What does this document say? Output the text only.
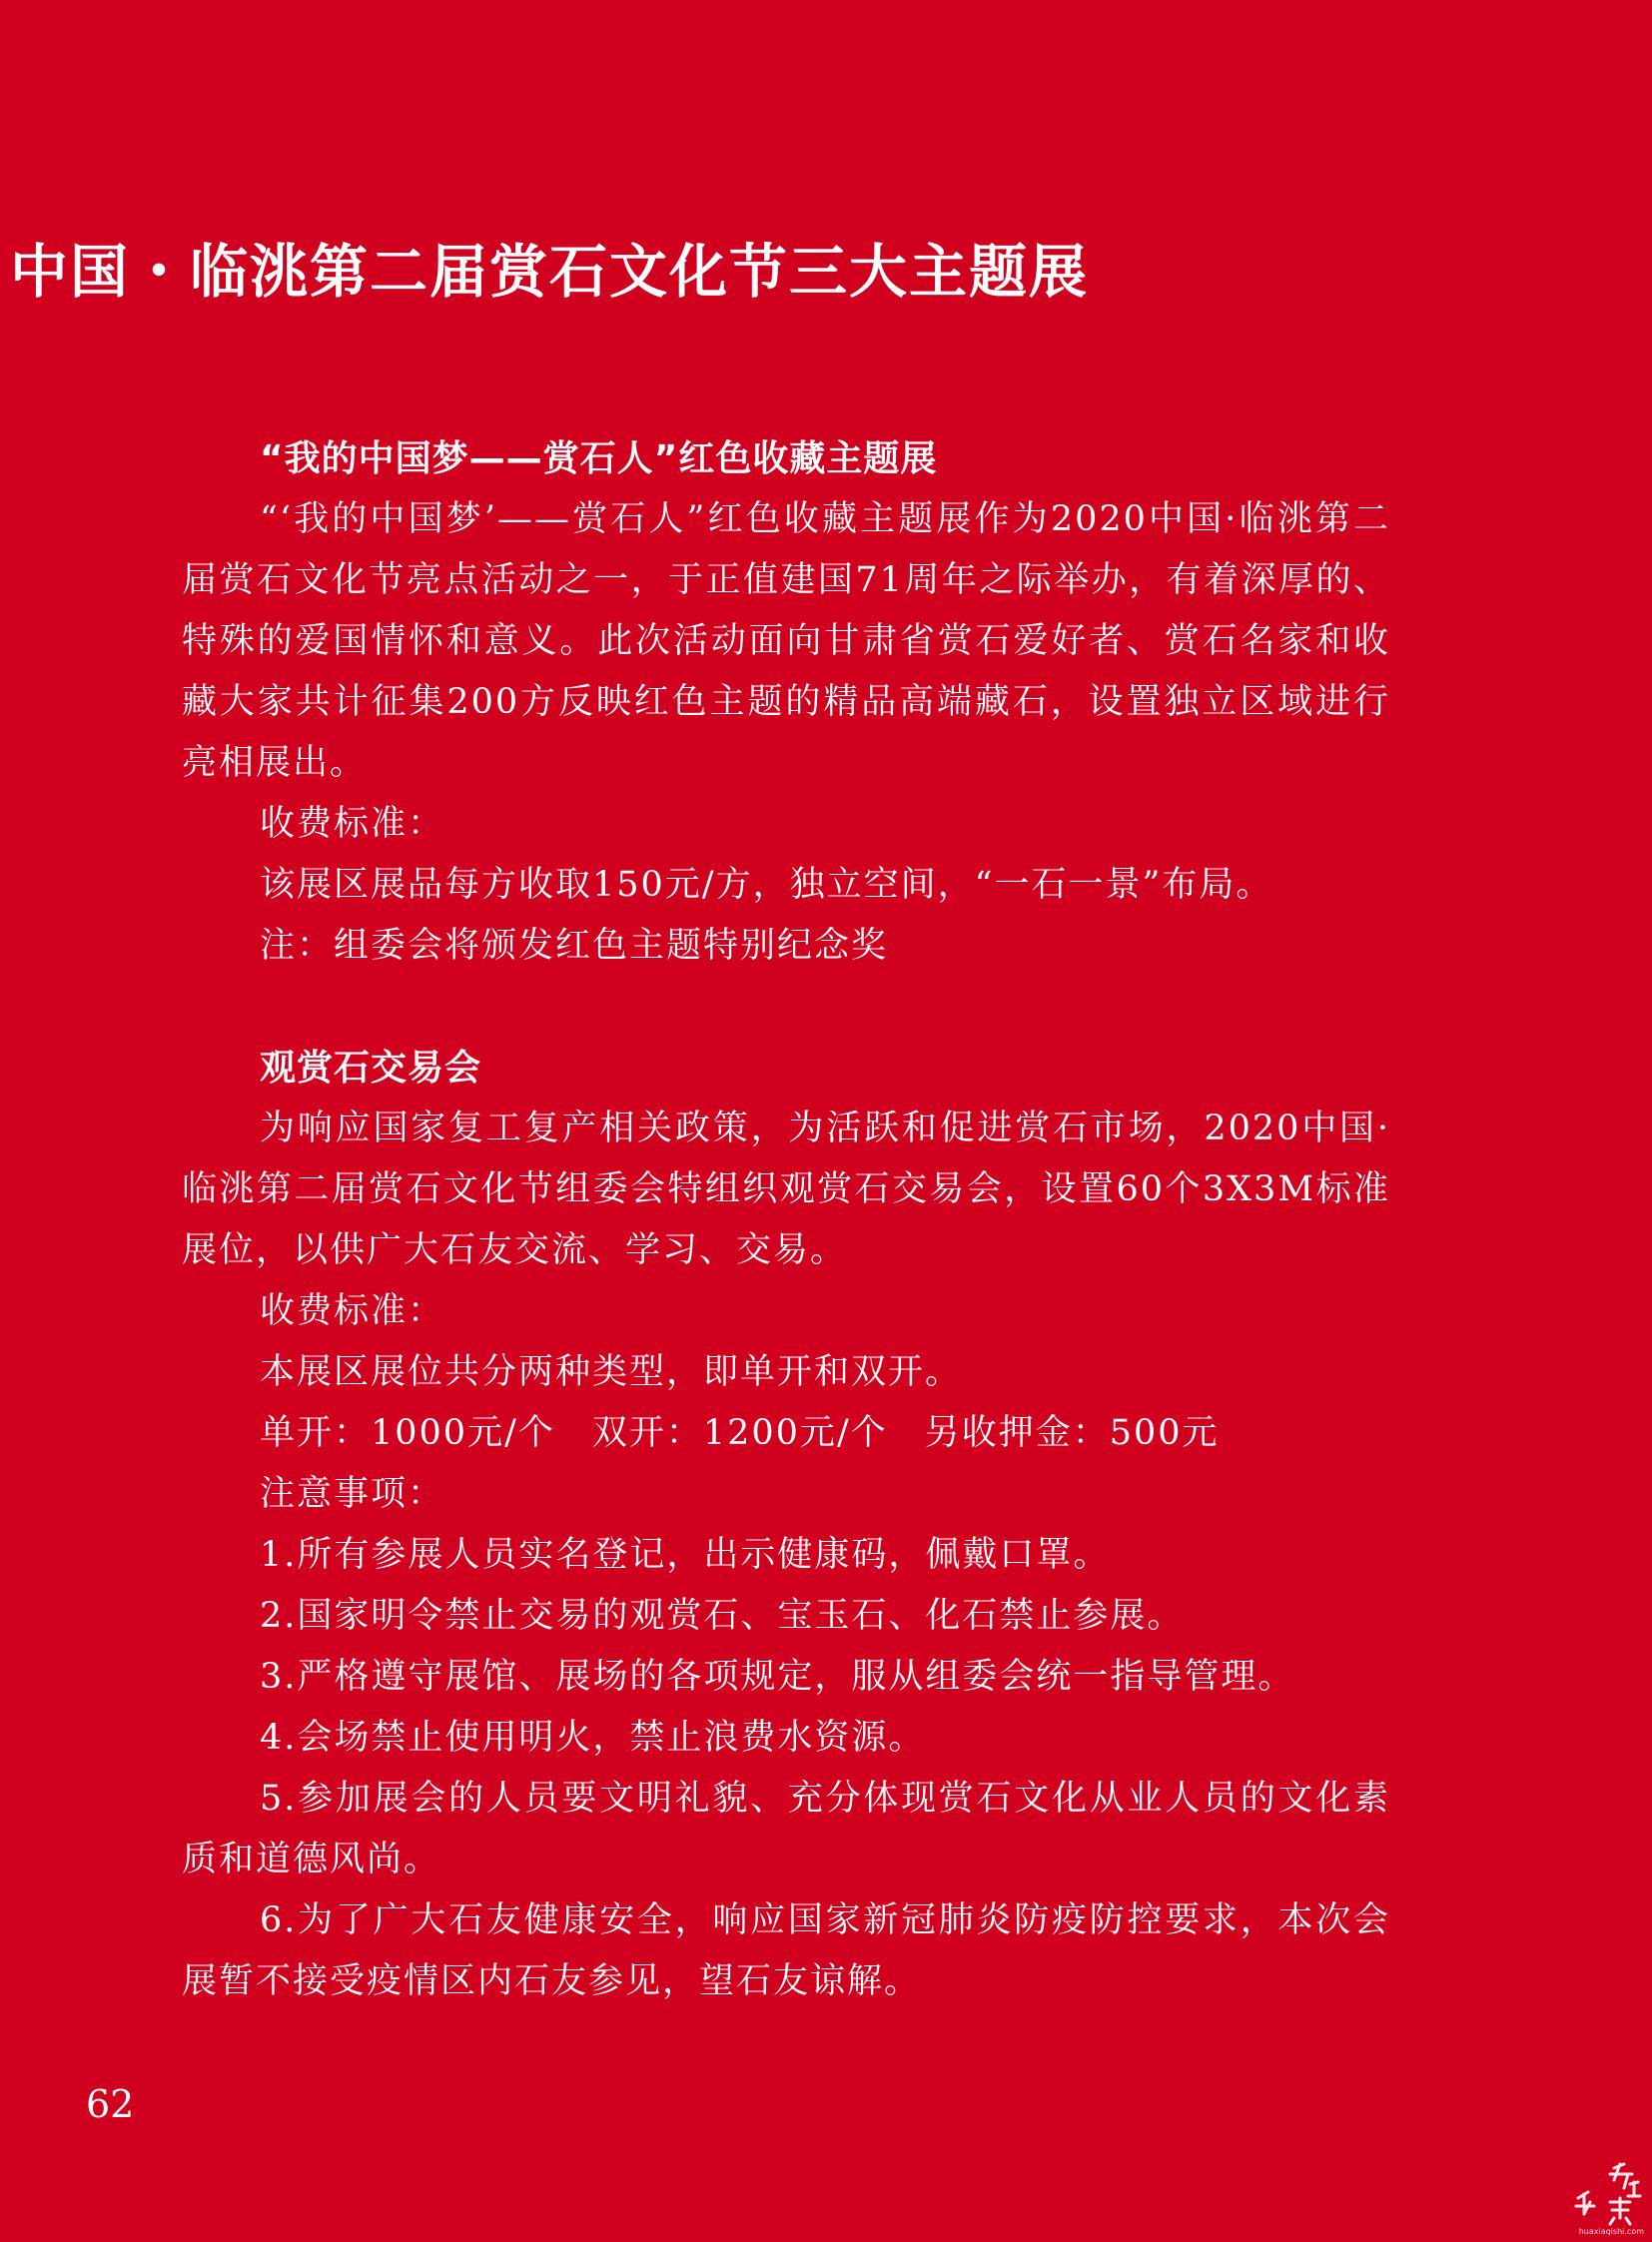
中国・临洮第二届赏石文化节三大主题展

“我的中国梦——赏石人”红色收藏主题展

“‘我的中国梦’——赏石人”红色收藏主题展作为2020中国·临洮第二届赏石文化节亮点活动之一，于正值建国71周年之际举办，有着深厚的、特殊的爱国情怀和意义。此次活动面向甘肃省赏石爱好者、赏石名家和收藏大家共计征集200方反映红色主题的精品高端藏石，设置独立区域进行亮相展出。

收费标准：

该展区展品每方收取150元/方，独立空间，“一石一景”布局。

注：组委会将颁发红色主题特别纪念奖

观赏石交易会

为响应国家复工复产相关政策，为活跃和促进赏石市场，2020中国·临洮第二届赏石文化节组委会特组织观赏石交易会，设置60个3X3M标准展位，以供广大石友交流、学习、交易。

收费标准：

本展区展位共分两种类型，即单开和双开。

单开：1000元/个　双开：1200元/个　另收押金：500元

注意事项：

1.所有参展人员实名登记，出示健康码，佩戴口罩。

2.国家明令禁止交易的观赏石、宝玉石、化石禁止参展。

3.严格遵守展馆、展场的各项规定，服从组委会统一指导管理。

4.会场禁止使用明火，禁止浪费水资源。

5.参加展会的人员要文明礼貌、充分体现赏石文化从业人员的文化素质和道德风尚。

6.为了广大石友健康安全，响应国家新冠肺炎防疫防控要求，本次会展暂不接受疫情区内石友参见，望石友谅解。

62
huaxiaqishi.com
